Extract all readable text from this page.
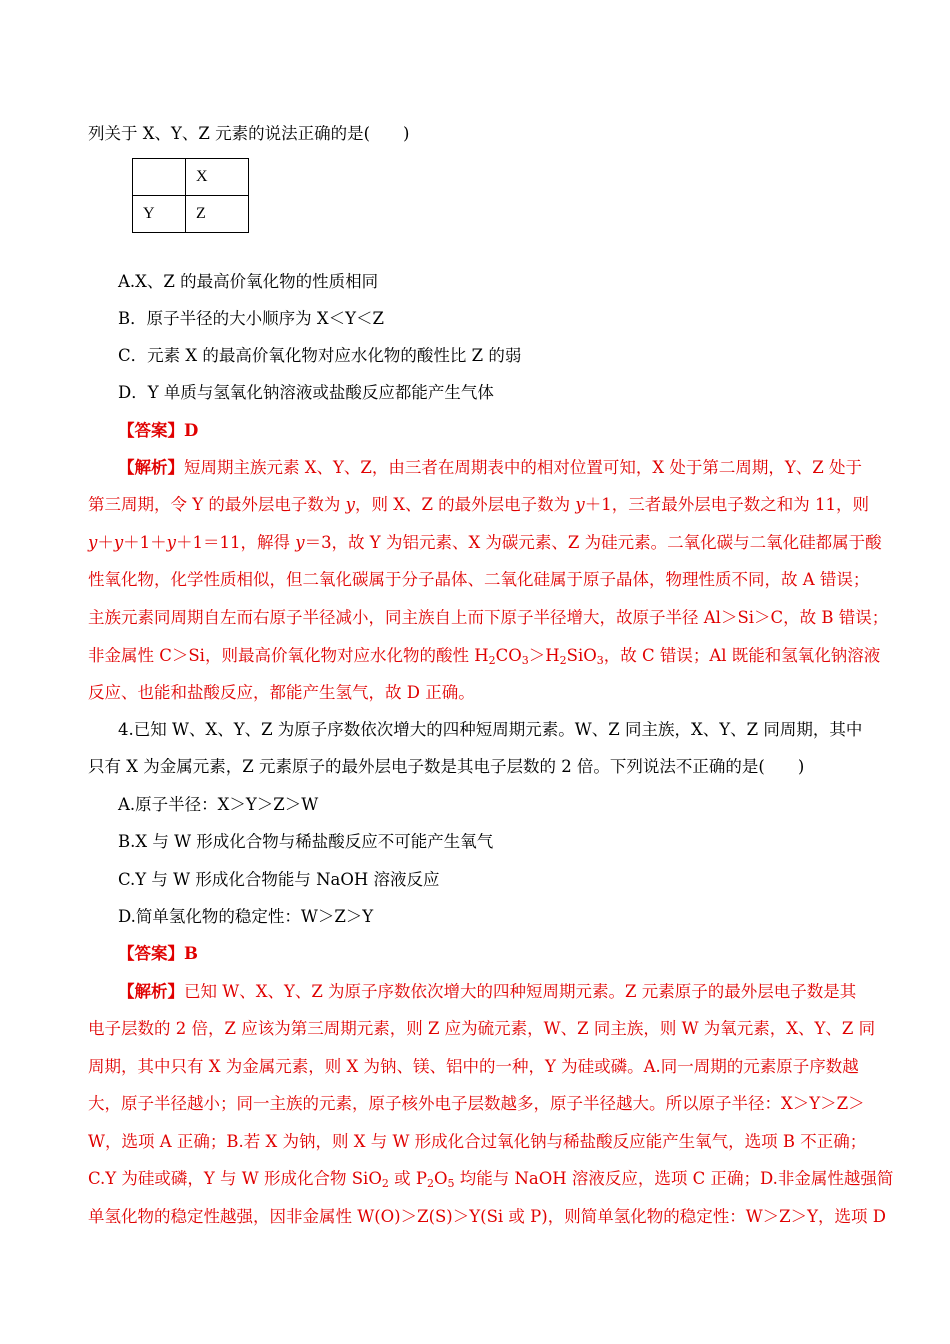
列关于 X、Y、Z 元素的说法正确的是(　　)
	X
Y	Z
A.X、Z 的最高价氧化物的性质相同
B．原子半径的大小顺序为 X＜Y＜Z
C．元素 X 的最高价氧化物对应水化物的酸性比 Z 的弱
D．Y 单质与氢氧化钠溶液或盐酸反应都能产生气体
【答案】D
【解析】短周期主族元素 X、Y、Z，由三者在周期表中的相对位置可知，X 处于第二周期，Y、Z 处于
第三周期，令 Y 的最外层电子数为 y，则 X、Z 的最外层电子数为 y＋1，三者最外层电子数之和为 11，则
y＋y＋1＋y＋1＝11，解得 y＝3，故 Y 为铝元素、X 为碳元素、Z 为硅元素。二氧化碳与二氧化硅都属于酸
性氧化物，化学性质相似，但二氧化碳属于分子晶体、二氧化硅属于原子晶体，物理性质不同，故 A 错误；
主族元素同周期自左而右原子半径减小，同主族自上而下原子半径增大，故原子半径 Al＞Si＞C，故 B 错误；
非金属性 C＞Si，则最高价氧化物对应水化物的酸性 $H_2CO_3>H_2SiO_3$，故 C 错误；Al 既能和氢氧化钠溶液
反应、也能和盐酸反应，都能产生氢气，故 D 正确。
4.已知 W、X、Y、Z 为原子序数依次增大的四种短周期元素。W、Z 同主族，X、Y、Z 同周期，其中
只有 X 为金属元素，Z 元素原子的最外层电子数是其电子层数的 2 倍。下列说法不正确的是(　　)
A.原子半径：X＞Y＞Z＞W
B.X 与 W 形成化合物与稀盐酸反应不可能产生氧气
C.Y 与 W 形成化合物能与 NaOH 溶液反应
D.简单氢化物的稳定性：W＞Z＞Y
【答案】B
【解析】已知 W、X、Y、Z 为原子序数依次增大的四种短周期元素。Z 元素原子的最外层电子数是其
电子层数的 2 倍，Z 应该为第三周期元素，则 Z 应为硫元素，W、Z 同主族，则 W 为氧元素，X、Y、Z 同
周期，其中只有 X 为金属元素，则 X 为钠、镁、铝中的一种，Y 为硅或磷。A.同一周期的元素原子序数越
大，原子半径越小；同一主族的元素，原子核外电子层数越多，原子半径越大。所以原子半径：X＞Y＞Z＞
W，选项 A 正确；B.若 X 为钠，则 X 与 W 形成化合过氧化钠与稀盐酸反应能产生氧气，选项 B 不正确；
C.Y 为硅或磷，Y 与 W 形成化合物 SiO$_2$ 或 $P_2O_5$ 均能与 NaOH 溶液反应，选项 C 正确；D.非金属性越强简
单氢化物的稳定性越强，因非金属性 W(O)＞Z(S)＞Y(Si 或 P)，则简单氢化物的稳定性：W＞Z＞Y，选项 D
